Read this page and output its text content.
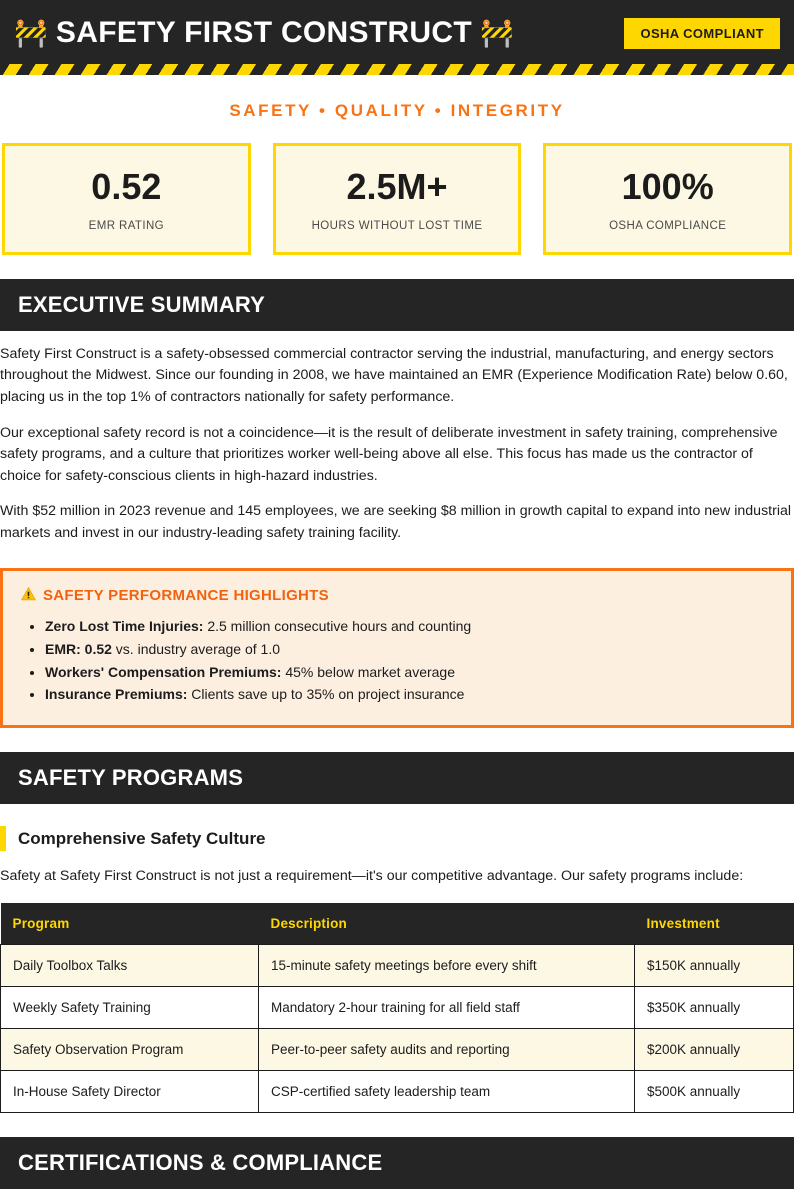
🚧 SAFETY FIRST CONSTRUCT 🚧	OSHA COMPLIANT
SAFETY • QUALITY • INTEGRITY
0.52
EMR RATING
2.5M+
HOURS WITHOUT LOST TIME
100%
OSHA COMPLIANCE
EXECUTIVE SUMMARY

Safety First Construct is a safety-obsessed commercial contractor serving the industrial, manufacturing, and energy sectors throughout the Midwest. Since our founding in 2008, we have maintained an EMR (Experience Modification Rate) below 0.60, placing us in the top 1% of contractors nationally for safety performance.

Our exceptional safety record is not a coincidence—it is the result of deliberate investment in safety training, comprehensive safety programs, and a culture that prioritizes worker well-being above all else. This focus has made us the contractor of choice for safety-conscious clients in high-hazard industries.

With $52 million in 2023 revenue and 145 employees, we are seeking $8 million in growth capital to expand into new industrial markets and invest in our industry-leading safety training facility.

SAFETY PERFORMANCE HIGHLIGHTS
• Zero Lost Time Injuries: 2.5 million consecutive hours and counting
• EMR: 0.52 vs. industry average of 1.0
• Workers' Compensation Premiums: 45% below market average
• Insurance Premiums: Clients save up to 35% on project insurance
SAFETY PROGRAMS
Comprehensive Safety Culture

Safety at Safety First Construct is not just a requirement—it's our competitive advantage. Our safety programs include:

Program	Description	Investment
Daily Toolbox Talks	15-minute safety meetings before every shift	$150K annually
Weekly Safety Training	Mandatory 2-hour training for all field staff	$350K annually
Safety Observation Program	Peer-to-peer safety audits and reporting	$200K annually
In-House Safety Director	CSP-certified safety leadership team	$500K annually
CERTIFICATIONS & COMPLIANCE
